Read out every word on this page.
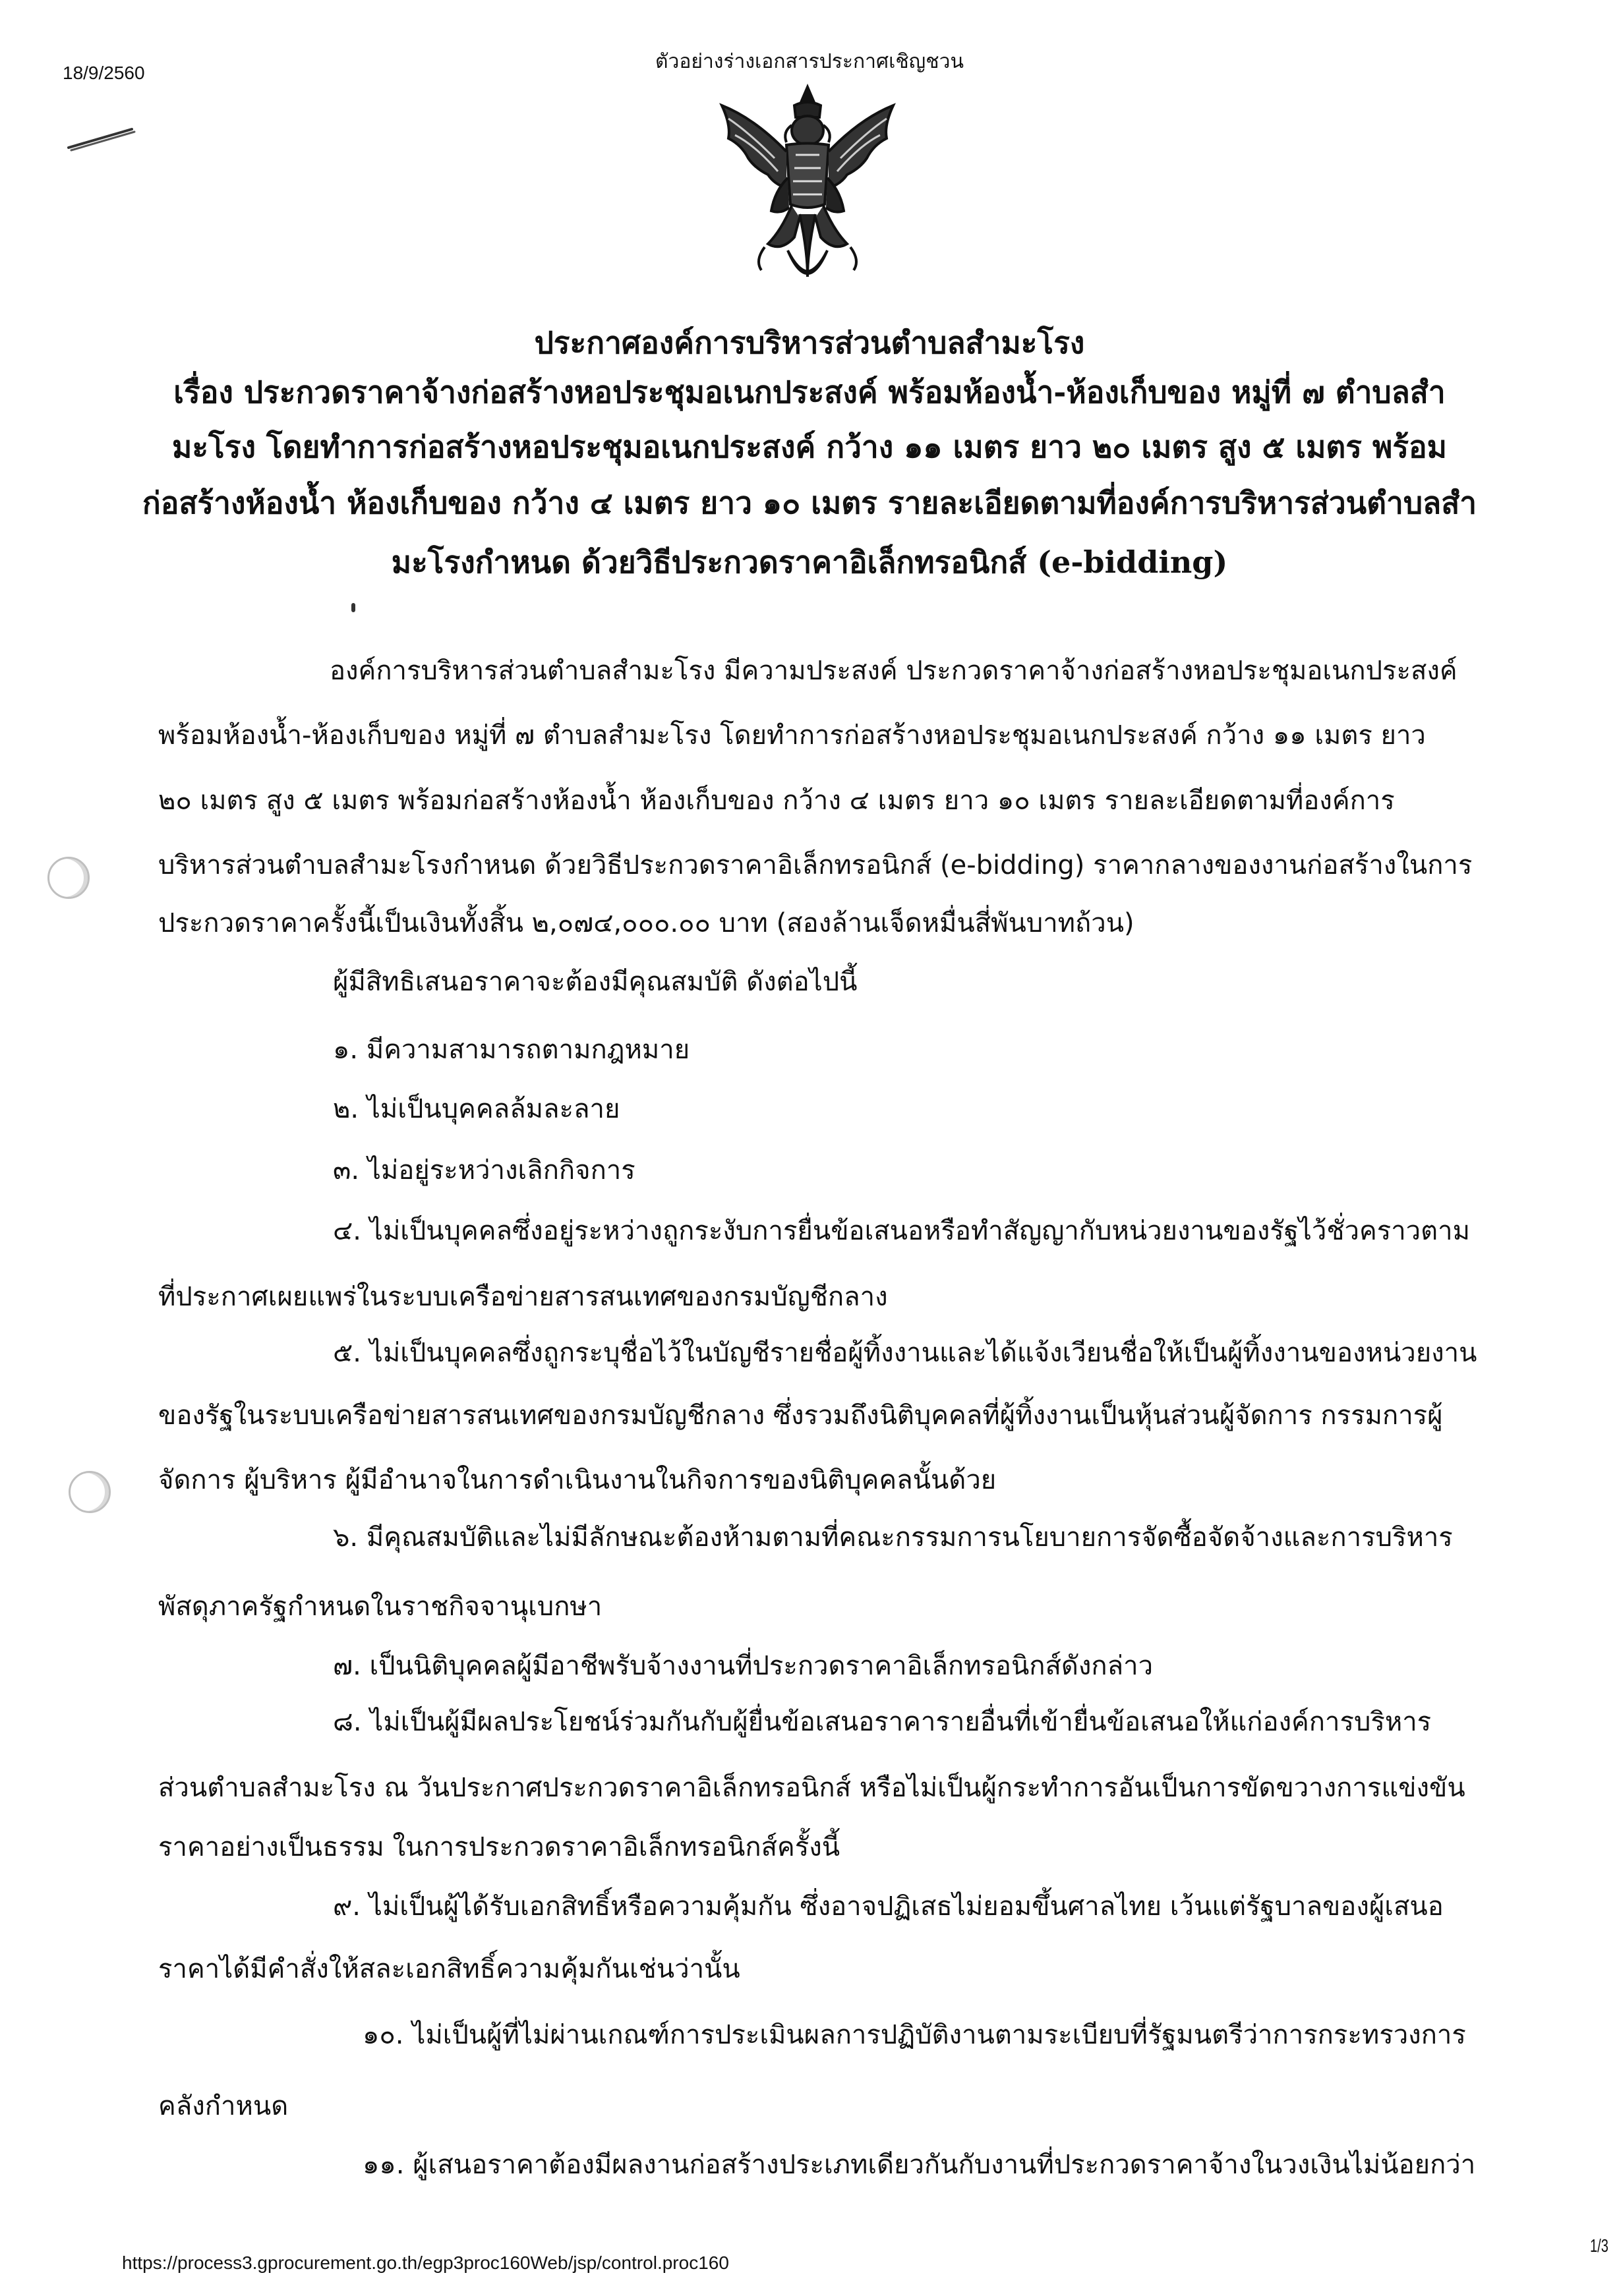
18/9/2560	ตัวอย่างร่างเอกสารประกาศเชิญชวน
ประกาศองค์การบริหารส่วนตำบลสำมะโรง
เรื่อง ประกวดราคาจ้างก่อสร้างหอประชุมอเนกประสงค์ พร้อมห้องน้ำ-ห้องเก็บของ หมู่ที่ ๗ ตำบลสำ
มะโรง โดยทำการก่อสร้างหอประชุมอเนกประสงค์ กว้าง ๑๑ เมตร ยาว ๒๐ เมตร สูง ๕ เมตร พร้อม
ก่อสร้างห้องน้ำ ห้องเก็บของ กว้าง ๔ เมตร ยาว ๑๐ เมตร รายละเอียดตามที่องค์การบริหารส่วนตำบลสำ
มะโรงกำหนด ด้วยวิธีประกวดราคาอิเล็กทรอนิกส์ (e-bidding)
องค์การบริหารส่วนตำบลสำมะโรง มีความประสงค์ ประกวดราคาจ้างก่อสร้างหอประชุมอเนกประสงค์
พร้อมห้องน้ำ-ห้องเก็บของ หมู่ที่ ๗ ตำบลสำมะโรง โดยทำการก่อสร้างหอประชุมอเนกประสงค์ กว้าง ๑๑ เมตร ยาว
๒๐ เมตร สูง ๕ เมตร พร้อมก่อสร้างห้องน้ำ ห้องเก็บของ กว้าง ๔ เมตร ยาว ๑๐ เมตร รายละเอียดตามที่องค์การ
บริหารส่วนตำบลสำมะโรงกำหนด ด้วยวิธีประกวดราคาอิเล็กทรอนิกส์ (e-bidding) ราคากลางของงานก่อสร้างในการ
ประกวดราคาครั้งนี้เป็นเงินทั้งสิ้น ๒,๐๗๔,๐๐๐.๐๐ บาท (สองล้านเจ็ดหมื่นสี่พันบาทถ้วน)
ผู้มีสิทธิเสนอราคาจะต้องมีคุณสมบัติ ดังต่อไปนี้
๑. มีความสามารถตามกฎหมาย
๒. ไม่เป็นบุคคลล้มละลาย
๓. ไม่อยู่ระหว่างเลิกกิจการ
๔. ไม่เป็นบุคคลซึ่งอยู่ระหว่างถูกระงับการยื่นข้อเสนอหรือทำสัญญากับหน่วยงานของรัฐไว้ชั่วคราวตาม
ที่ประกาศเผยแพร่ในระบบเครือข่ายสารสนเทศของกรมบัญชีกลาง
๕. ไม่เป็นบุคคลซึ่งถูกระบุชื่อไว้ในบัญชีรายชื่อผู้ทิ้งงานและได้แจ้งเวียนชื่อให้เป็นผู้ทิ้งงานของหน่วยงาน
ของรัฐในระบบเครือข่ายสารสนเทศของกรมบัญชีกลาง ซึ่งรวมถึงนิติบุคคลที่ผู้ทิ้งงานเป็นหุ้นส่วนผู้จัดการ กรรมการผู้
จัดการ ผู้บริหาร ผู้มีอำนาจในการดำเนินงานในกิจการของนิติบุคคลนั้นด้วย
๖. มีคุณสมบัติและไม่มีลักษณะต้องห้ามตามที่คณะกรรมการนโยบายการจัดซื้อจัดจ้างและการบริหาร
พัสดุภาครัฐกำหนดในราชกิจจานุเบกษา
๗. เป็นนิติบุคคลผู้มีอาชีพรับจ้างงานที่ประกวดราคาอิเล็กทรอนิกส์ดังกล่าว
๘. ไม่เป็นผู้มีผลประโยชน์ร่วมกันกับผู้ยื่นข้อเสนอราคารายอื่นที่เข้ายื่นข้อเสนอให้แก่องค์การบริหาร
ส่วนตำบลสำมะโรง ณ วันประกาศประกวดราคาอิเล็กทรอนิกส์ หรือไม่เป็นผู้กระทำการอันเป็นการขัดขวางการแข่งขัน
ราคาอย่างเป็นธรรม ในการประกวดราคาอิเล็กทรอนิกส์ครั้งนี้
๙. ไม่เป็นผู้ได้รับเอกสิทธิ์หรือความคุ้มกัน ซึ่งอาจปฏิเสธไม่ยอมขึ้นศาลไทย เว้นแต่รัฐบาลของผู้เสนอ
ราคาได้มีคำสั่งให้สละเอกสิทธิ์ความคุ้มกันเช่นว่านั้น
๑๐. ไม่เป็นผู้ที่ไม่ผ่านเกณฑ์การประเมินผลการปฏิบัติงานตามระเบียบที่รัฐมนตรีว่าการกระทรวงการ
คลังกำหนด
๑๑. ผู้เสนอราคาต้องมีผลงานก่อสร้างประเภทเดียวกันกับงานที่ประกวดราคาจ้างในวงเงินไม่น้อยกว่า
https://process3.gprocurement.go.th/egp3proc160Web/jsp/control.proc160
1/3
